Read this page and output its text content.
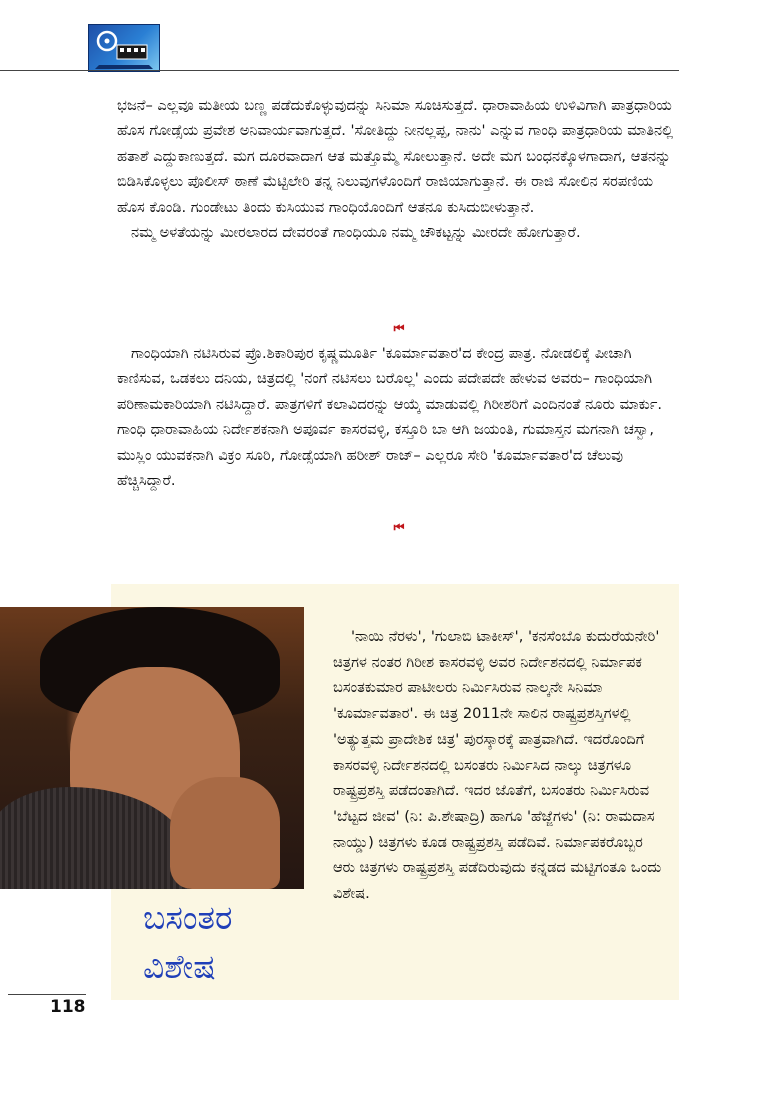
ಭಜನೆ– ಎಲ್ಲವೂ ಮತೀಯ ಬಣ್ಣ ಪಡೆದುಕೊಳ್ಳುವುದನ್ನು ಸಿನಿಮಾ ಸೂಚಿಸುತ್ತದೆ. ಧಾರಾವಾಹಿಯ ಉಳಿವಿಗಾಗಿ ಪಾತ್ರಧಾರಿಯ ಹೊಸ ಗೋಡ್ಸೆಯ ಪ್ರವೇಶ ಅನಿವಾರ್ಯವಾಗುತ್ತದೆ. 'ಸೋತಿದ್ದು ನೀನಲ್ಲಪ್ಪ, ನಾನು' ಎನ್ನುವ ಗಾಂಧಿ ಪಾತ್ರಧಾರಿಯ ಮಾತಿನಲ್ಲಿ ಹತಾಶೆ ಎದ್ದುಕಾಣುತ್ತದೆ. ಮಗ ದೂರವಾದಾಗ ಆತ ಮತ್ತೊಮ್ಮೆ ಸೋಲುತ್ತಾನೆ. ಅದೇ ಮಗ ಬಂಧನಕ್ಕೊಳಗಾದಾಗ, ಆತನನ್ನು ಬಿಡಿಸಿಕೊಳ್ಳಲು ಪೊಲೀಸ್ ಠಾಣೆ ಮೆಟ್ಟಿಲೇರಿ ತನ್ನ ನಿಲುವುಗಳೊಂದಿಗೆ ರಾಜಿಯಾಗುತ್ತಾನೆ. ಈ ರಾಜಿ ಸೋಲಿನ ಸರಪಣಿಯ ಹೊಸ ಕೊಂಡಿ. ಗುಂಡೇಟು ತಿಂದು ಕುಸಿಯುವ ಗಾಂಧಿಯೊಂದಿಗೆ ಆತನೂ ಕುಸಿದುಬೀಳುತ್ತಾನೆ.

ನಮ್ಮ ಅಳತೆಯನ್ನು ಮೀರಲಾರದ ದೇವರಂತೆ ಗಾಂಧಿಯೂ ನಮ್ಮ ಚೌಕಟ್ಟನ್ನು ಮೀರದೇ ಹೋಗುತ್ತಾರೆ.

⏮

ಗಾಂಧಿಯಾಗಿ ನಟಿಸಿರುವ ಪ್ರೊ.ಶಿಕಾರಿಪುರ ಕೃಷ್ಣಮೂರ್ತಿ 'ಕೂರ್ಮಾವತಾರ'ದ ಕೇಂದ್ರ ಪಾತ್ರ. ನೋಡಲಿಕ್ಕೆ ಪೀಚಾಗಿ ಕಾಣಿಸುವ, ಒಡಕಲು ದನಿಯ, ಚಿತ್ರದಲ್ಲಿ 'ನಂಗೆ ನಟಿಸಲು ಬರೊಲ್ಲ' ಎಂದು ಪದೇಪದೇ ಹೇಳುವ ಅವರು– ಗಾಂಧಿಯಾಗಿ ಪರಿಣಾಮಕಾರಿಯಾಗಿ ನಟಿಸಿದ್ದಾರೆ. ಪಾತ್ರಗಳಿಗೆ ಕಲಾವಿದರನ್ನು ಆಯ್ಕೆ ಮಾಡುವಲ್ಲಿ ಗಿರೀಶರಿಗೆ ಎಂದಿನಂತೆ ನೂರು ಮಾರ್ಕು. ಗಾಂಧಿ ಧಾರಾವಾಹಿಯ ನಿರ್ದೇಶಕನಾಗಿ ಅಪೂರ್ವ ಕಾಸರವಳ್ಳಿ, ಕಸ್ತೂರಿ ಬಾ ಆಗಿ ಜಯಂತಿ, ಗುಮಾಸ್ತನ ಮಗನಾಗಿ ಚಸ್ವಾ, ಮುಸ್ಲಿಂ ಯುವಕನಾಗಿ ವಿಕ್ರಂ ಸೂರಿ, ಗೋಡ್ಸೆಯಾಗಿ ಹರೀಶ್ ರಾಜ್– ಎಲ್ಲರೂ ಸೇರಿ 'ಕೂರ್ಮಾವತಾರ'ದ ಚೆಲುವು ಹೆಚ್ಚಿಸಿದ್ದಾರೆ.

⏮
ಬಸಂತರ
ವಿಶೇಷ

'ನಾಯಿ ನೆರಳು', 'ಗುಲಾಬಿ ಟಾಕೀಸ್', 'ಕನಸೆಂಬೊ ಕುದುರೆಯನೇರಿ' ಚಿತ್ರಗಳ ನಂತರ ಗಿರೀಶ ಕಾಸರವಳ್ಳಿ ಅವರ ನಿರ್ದೇಶನದಲ್ಲಿ ನಿರ್ಮಾಪಕ ಬಸಂತಕುಮಾರ ಪಾಟೀಲರು ನಿರ್ಮಿಸಿರುವ ನಾಲ್ಕನೇ ಸಿನಿಮಾ 'ಕೂರ್ಮಾವತಾರ'. ಈ ಚಿತ್ರ 2011ನೇ ಸಾಲಿನ ರಾಷ್ಟ್ರಪ್ರಶಸ್ತಿಗಳಲ್ಲಿ 'ಅತ್ಯುತ್ತಮ ಪ್ರಾದೇಶಿಕ ಚಿತ್ರ' ಪುರಸ್ಕಾರಕ್ಕೆ ಪಾತ್ರವಾಗಿದೆ. ಇದರೊಂದಿಗೆ ಕಾಸರವಳ್ಳಿ ನಿರ್ದೇಶನದಲ್ಲಿ ಬಸಂತರು ನಿರ್ಮಿಸಿದ ನಾಲ್ಕು ಚಿತ್ರಗಳೂ ರಾಷ್ಟ್ರಪ್ರಶಸ್ತಿ ಪಡೆದಂತಾಗಿದೆ. ಇದರ ಜೊತೆಗೆ, ಬಸಂತರು ನಿರ್ಮಿಸಿರುವ 'ಬೆಟ್ಟದ ಜೀವ' (ನಿ: ಪಿ.ಶೇಷಾದ್ರಿ) ಹಾಗೂ 'ಹೆಜ್ಜೆಗಳು' (ನಿ: ರಾಮದಾಸ ನಾಯ್ಡು) ಚಿತ್ರಗಳು ಕೂಡ ರಾಷ್ಟ್ರಪ್ರಶಸ್ತಿ ಪಡೆದಿವೆ. ನಿರ್ಮಾಪಕರೊಬ್ಬರ ಆರು ಚಿತ್ರಗಳು ರಾಷ್ಟ್ರಪ್ರಶಸ್ತಿ ಪಡೆದಿರುವುದು ಕನ್ನಡದ ಮಟ್ಟಿಗಂತೂ ಒಂದು ವಿಶೇಷ.

118
